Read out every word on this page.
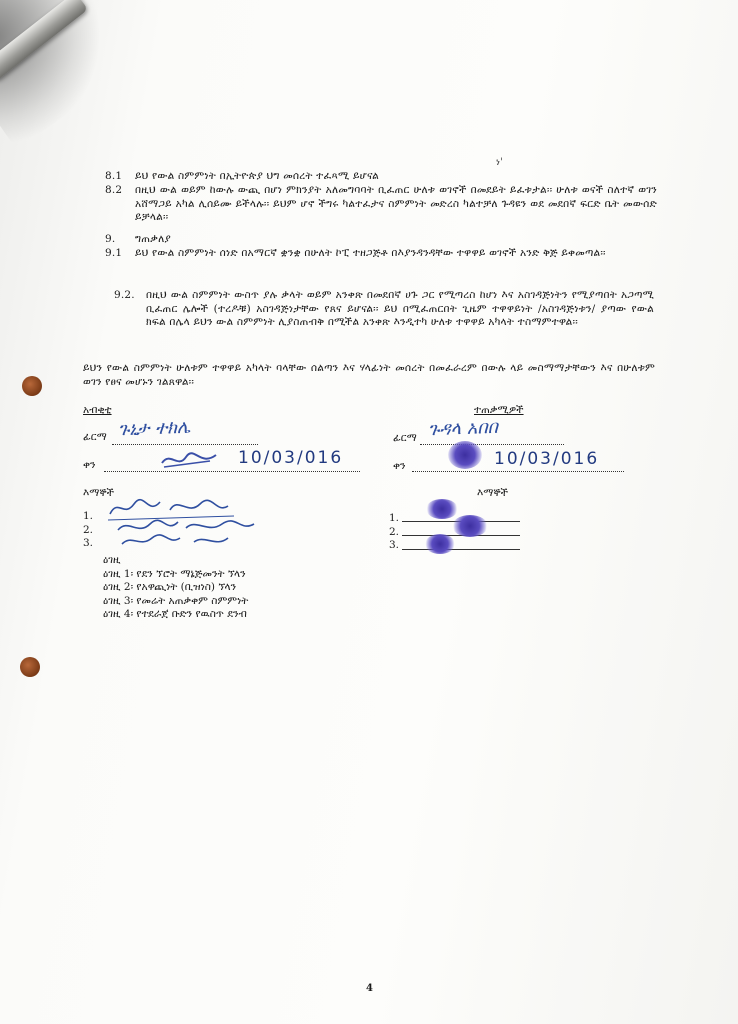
ነ'
8.1 ይህ የውል ስምምነት በኢትዮጵያ ህግ መሰረት ተፈጻሚ ይሆናል
8.2 በዚህ ውል ወይም ከውሉ ውጪ በሆነ ምክንያት አለመግባባት ቢፈጠር ሁለቱ ወገኖች በመደይት ይፈቱታል፡፡ ሁለቱ ወናች ስለተኛ ወገን አሸማጋይ አካል ሊሰይሙ ይችላሉ፡፡ ይህም ሆኖ ችግሩ ካልተፈታና ስምምነት መድረስ ካልተቻለ ጉዳዩን ወደ መደበኛ ፍርድ ቤት መውሰድ ይቻላል፡፡
9. ግጠቃለያ
9.1 ይህ የውል ስምምነት ሰነድ በአማርኛ ቋንቋ በሁለት ኮፒ ተዘጋጅቶ በእያንዳንዳቸው ተዋዋይ ወገኖች አንድ ቅጅ ይቀመጣል፡፡
9.2. በዚህ ውል ስምምነት ውስጥ ያሉ ቃላት ወይም አንቀጽ በመደበኛ ሀጉ ጋር የሚጣረስ ከሆነ እና አስገዳጅነትን የሚያጣበት አጋጣሚ ቢፈጠር ሌሎች (ተረዶቹ) አስገዳጅነታቸው የጸና ይሆናል፡፡ ይህ በሚፈጠርበት ጊዜም ተዋዋይነት /አስገዳጅነቱን/ ያጣው የውል ክፍል በሌላ ይህን ውል ስምምነት ሊያስጠብቅ በሚችል አንቀጽ እንዲተካ ሁለቱ ተዋዋይ አካላት ተስማምተዋል፡፡
ይህን የውል ስምምነት ሁለቱም ተዋዋይ አካላት ባላቸው ሰልጣን እና ሃላፊነት መሰረት በመፈራረም በውሉ ላይ መስማማታቸውን እና በሁለቱም ወገን የፀና መሆኑን ገልጸዋል፡፡
አብቂቲ
ፊርማ ጉኒታ ተክሌ
ቀን	10/03/016
ተጠቃሚዎች
ፊርማ ጉዳላ አበበ
ቀን	10/03/016
እማኞች
1.
2.
3.
እማኞች
1.
2.
3.
ዕገዚ
ዕገዚ 1፡ የደን ኘሮት ማኔጅመንት ኘላን
ዕገዚ 2፡ የአዋጪነት (ቢዝነስ) ኘላን
ዕገዚ 3፡ የመሬት አጠቃቀም ስምምነት
ዕገዚ 4፡ የተደራጀ ቡድን የዉስጥ ደንብ
4
